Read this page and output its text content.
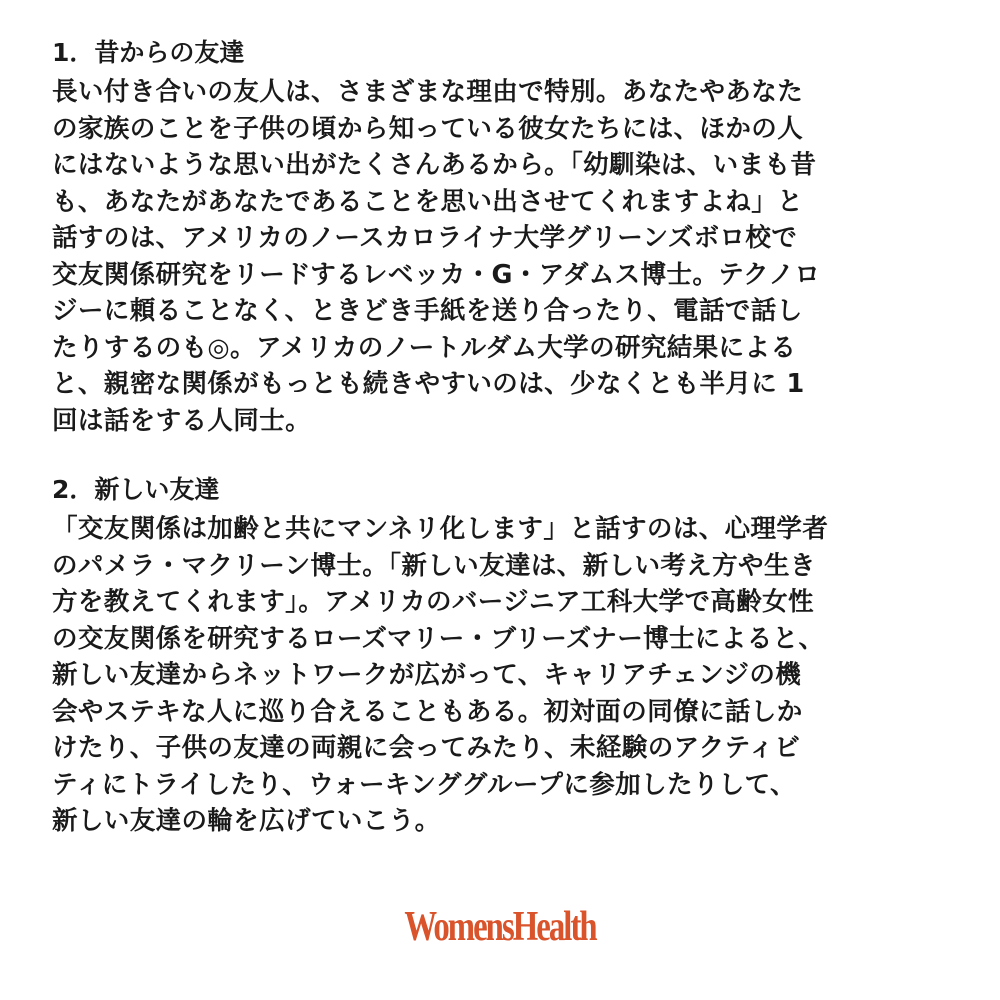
1．昔からの友達

長い付き合いの友人は、さまざまな理由で特別。あなたやあなた

の家族のことを子供の頃から知っている彼女たちには、ほかの人

にはないような思い出がたくさんあるから。「幼馴染は、いまも昔

も、あなたがあなたであることを思い出させてくれますよね」と

話すのは、アメリカのノースカロライナ大学グリーンズボロ校で

交友関係研究をリードするレベッカ・G・アダムス博士。テクノロ

ジーに頼ることなく、ときどき手紙を送り合ったり、電話で話し

たりするのも◎。アメリカのノートルダム大学の研究結果による

と、親密な関係がもっとも続きやすいのは、少なくとも半月に 1

回は話をする人同士。

2．新しい友達

「交友関係は加齢と共にマンネリ化します」と話すのは、心理学者

のパメラ・マクリーン博士。「新しい友達は、新しい考え方や生き

方を教えてくれます」。アメリカのバージニア工科大学で高齢女性

の交友関係を研究するローズマリー・ブリーズナー博士によると、

新しい友達からネットワークが広がって、キャリアチェンジの機

会やステキな人に巡り合えることもある。初対面の同僚に話しか

けたり、子供の友達の両親に会ってみたり、未経験のアクティビ

ティにトライしたり、ウォーキンググループに参加したりして、

新しい友達の輪を広げていこう。

WomensHealth
